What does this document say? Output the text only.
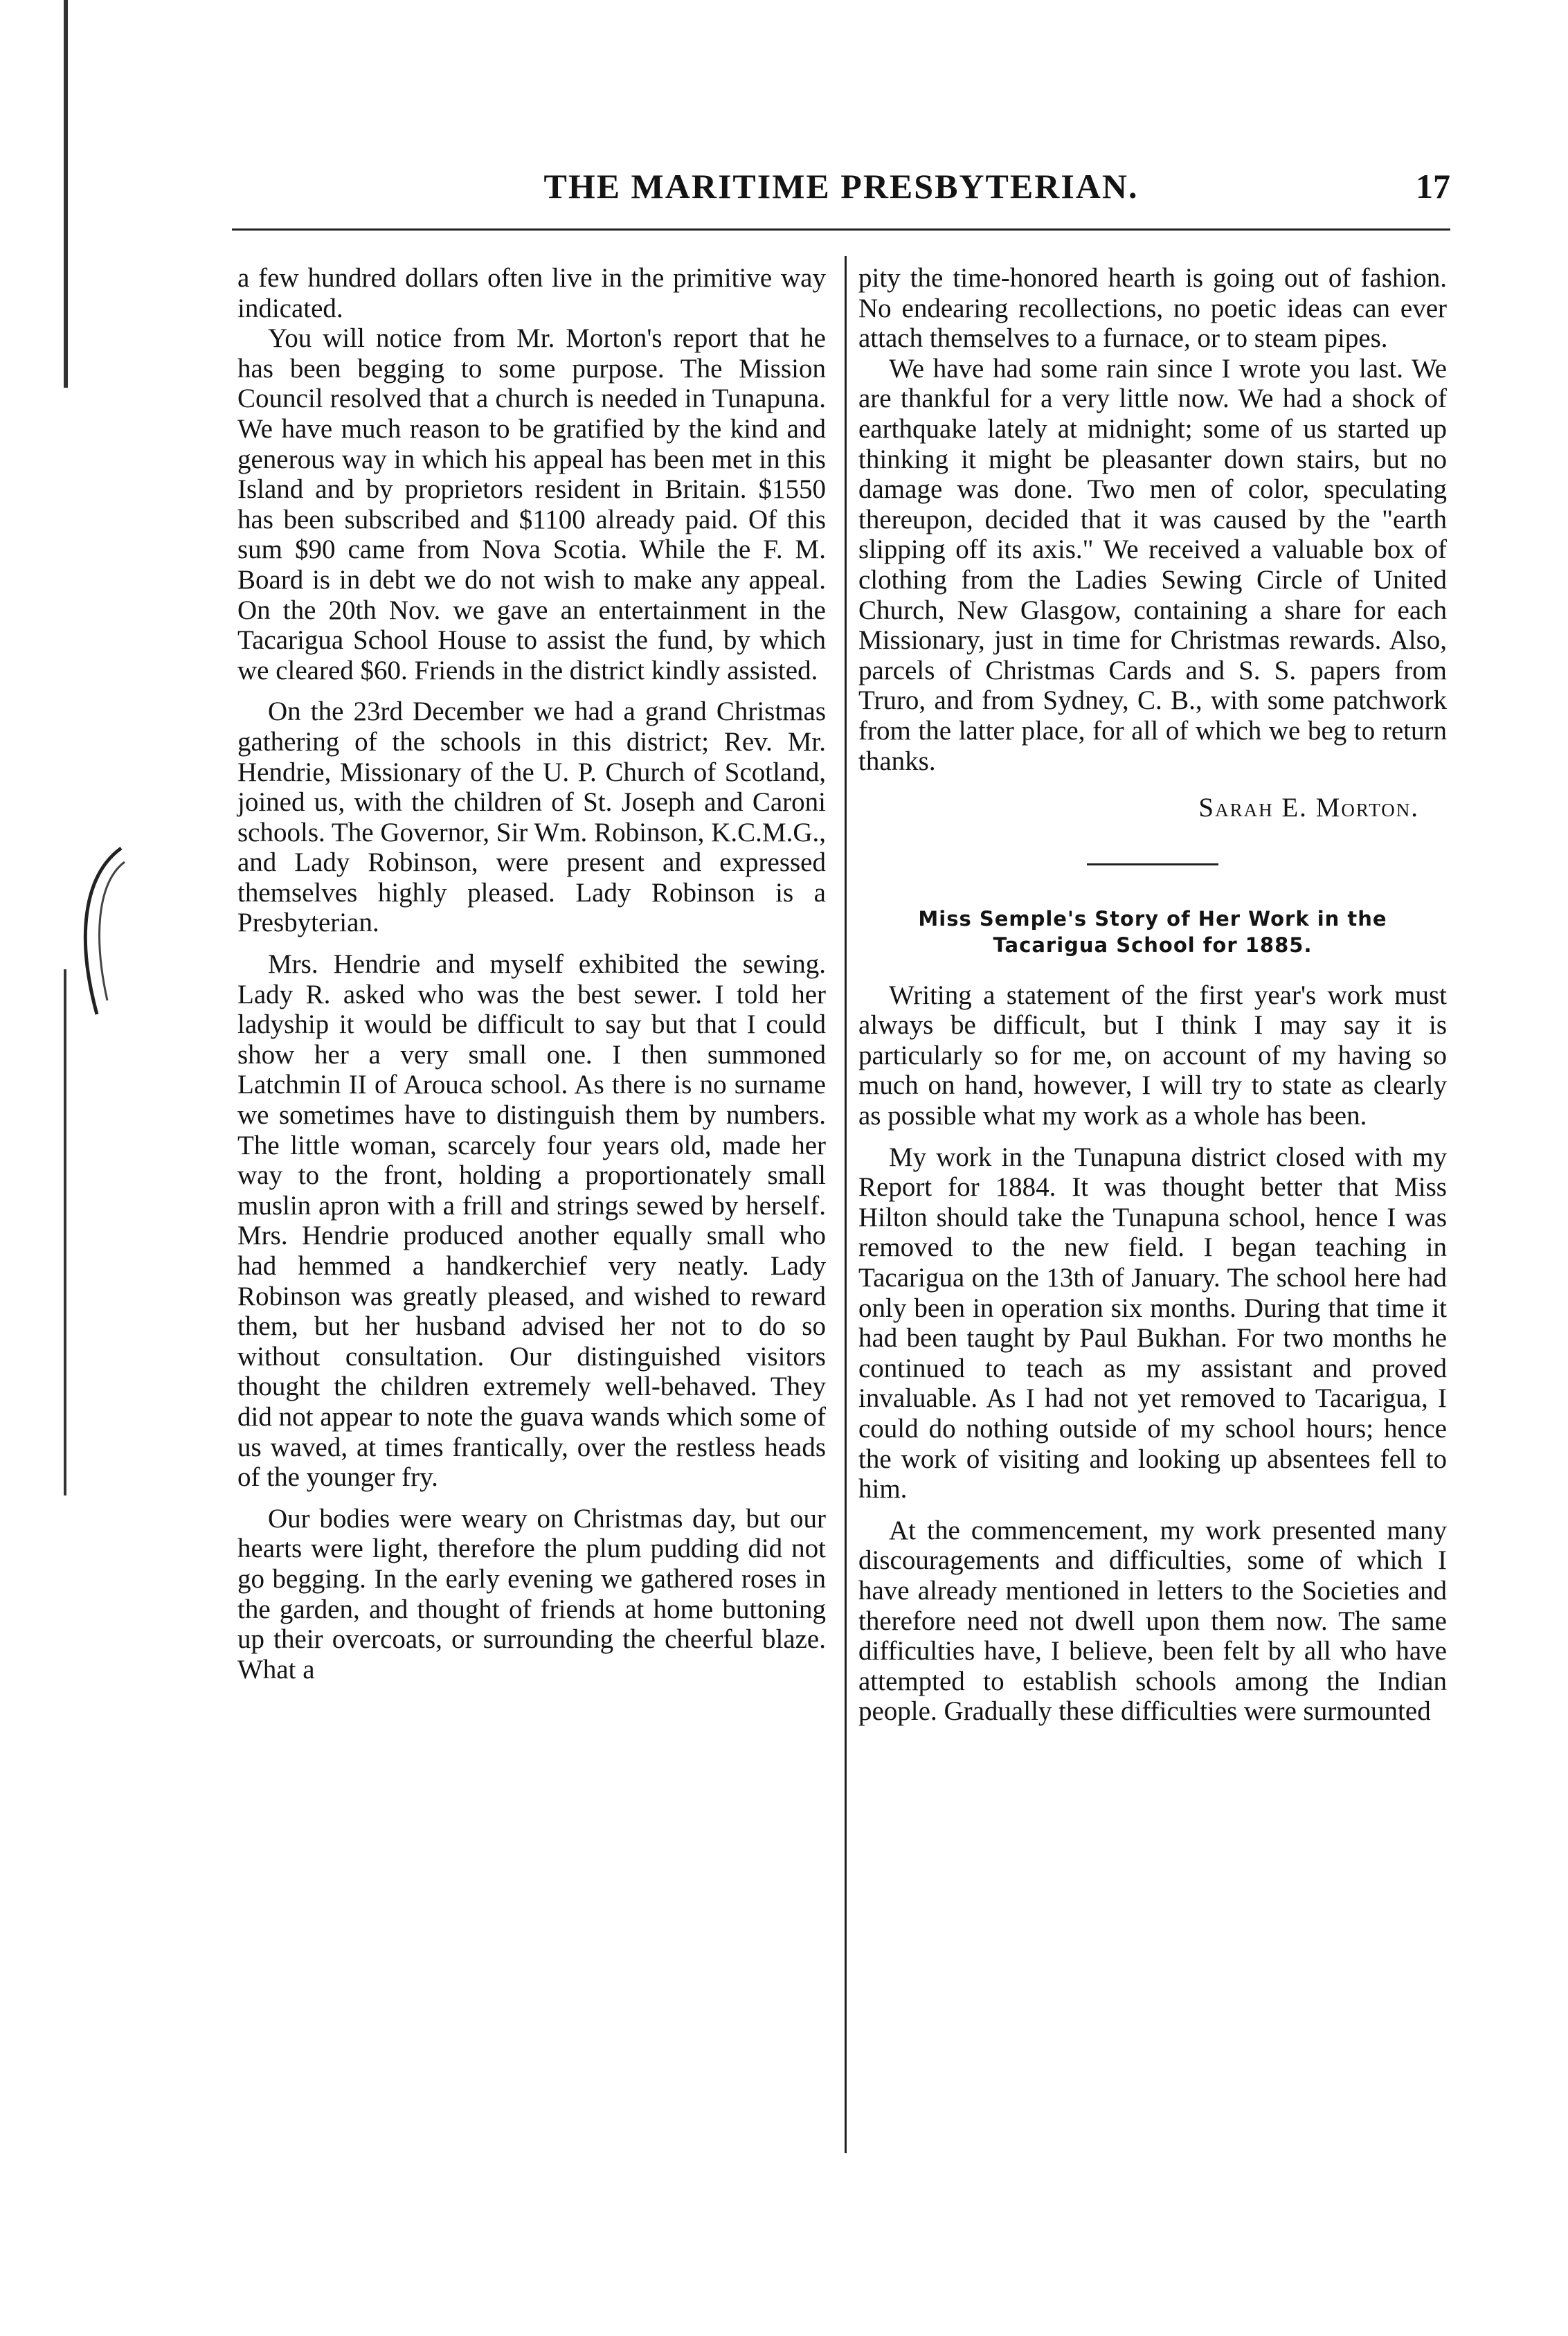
THE MARITIME PRESBYTERIAN.	17

a few hundred dollars often live in the primitive way indicated.

You will notice from Mr. Morton's report that he has been begging to some purpose. The Mission Council resolved that a church is needed in Tunapuna. We have much reason to be gratified by the kind and generous way in which his appeal has been met in this Island and by proprietors resident in Britain. $1550 has been subscribed and $1100 already paid. Of this sum $90 came from Nova Scotia. While the F. M. Board is in debt we do not wish to make any appeal. On the 20th Nov. we gave an entertainment in the Tacarigua School House to assist the fund, by which we cleared $60. Friends in the district kindly assisted.

On the 23rd December we had a grand Christmas gathering of the schools in this district; Rev. Mr. Hendrie, Missionary of the U. P. Church of Scotland, joined us, with the children of St. Joseph and Caroni schools. The Governor, Sir Wm. Robinson, K.C.M.G., and Lady Robinson, were present and expressed themselves highly pleased. Lady Robinson is a Presbyterian.

Mrs. Hendrie and myself exhibited the sewing. Lady R. asked who was the best sewer. I told her ladyship it would be difficult to say but that I could show her a very small one. I then summoned Latchmin II of Arouca school. As there is no surname we sometimes have to distinguish them by numbers. The little woman, scarcely four years old, made her way to the front, holding a proportionately small muslin apron with a frill and strings sewed by herself. Mrs. Hendrie produced another equally small who had hemmed a handkerchief very neatly. Lady Robinson was greatly pleased, and wished to reward them, but her husband advised her not to do so without consultation. Our distinguished visitors thought the children extremely well-behaved. They did not appear to note the guava wands which some of us waved, at times frantically, over the restless heads of the younger fry.

Our bodies were weary on Christmas day, but our hearts were light, therefore the plum pudding did not go begging. In the early evening we gathered roses in the garden, and thought of friends at home buttoning up their overcoats, or surrounding the cheerful blaze. What a

pity the time-honored hearth is going out of fashion. No endearing recollections, no poetic ideas can ever attach themselves to a furnace, or to steam pipes.

We have had some rain since I wrote you last. We are thankful for a very little now. We had a shock of earthquake lately at midnight; some of us started up thinking it might be pleasanter down stairs, but no damage was done. Two men of color, speculating thereupon, decided that it was caused by the "earth slipping off its axis." We received a valuable box of clothing from the Ladies Sewing Circle of United Church, New Glasgow, containing a share for each Missionary, just in time for Christmas rewards. Also, parcels of Christmas Cards and S. S. papers from Truro, and from Sydney, C. B., with some patchwork from the latter place, for all of which we beg to return thanks.

Sarah E. Morton.

Miss Semple's Story of Her Work in the
Tacarigua School for 1885.

Writing a statement of the first year's work must always be difficult, but I think I may say it is particularly so for me, on account of my having so much on hand, however, I will try to state as clearly as possible what my work as a whole has been.

My work in the Tunapuna district closed with my Report for 1884. It was thought better that Miss Hilton should take the Tunapuna school, hence I was removed to the new field. I began teaching in Tacarigua on the 13th of January. The school here had only been in operation six months. During that time it had been taught by Paul Bukhan. For two months he continued to teach as my assistant and proved invaluable. As I had not yet removed to Tacarigua, I could do nothing outside of my school hours; hence the work of visiting and looking up absentees fell to him.

At the commencement, my work presented many discouragements and difficulties, some of which I have already mentioned in letters to the Societies and therefore need not dwell upon them now. The same difficulties have, I believe, been felt by all who have attempted to establish schools among the Indian people. Gradually these difficulties were surmounted
